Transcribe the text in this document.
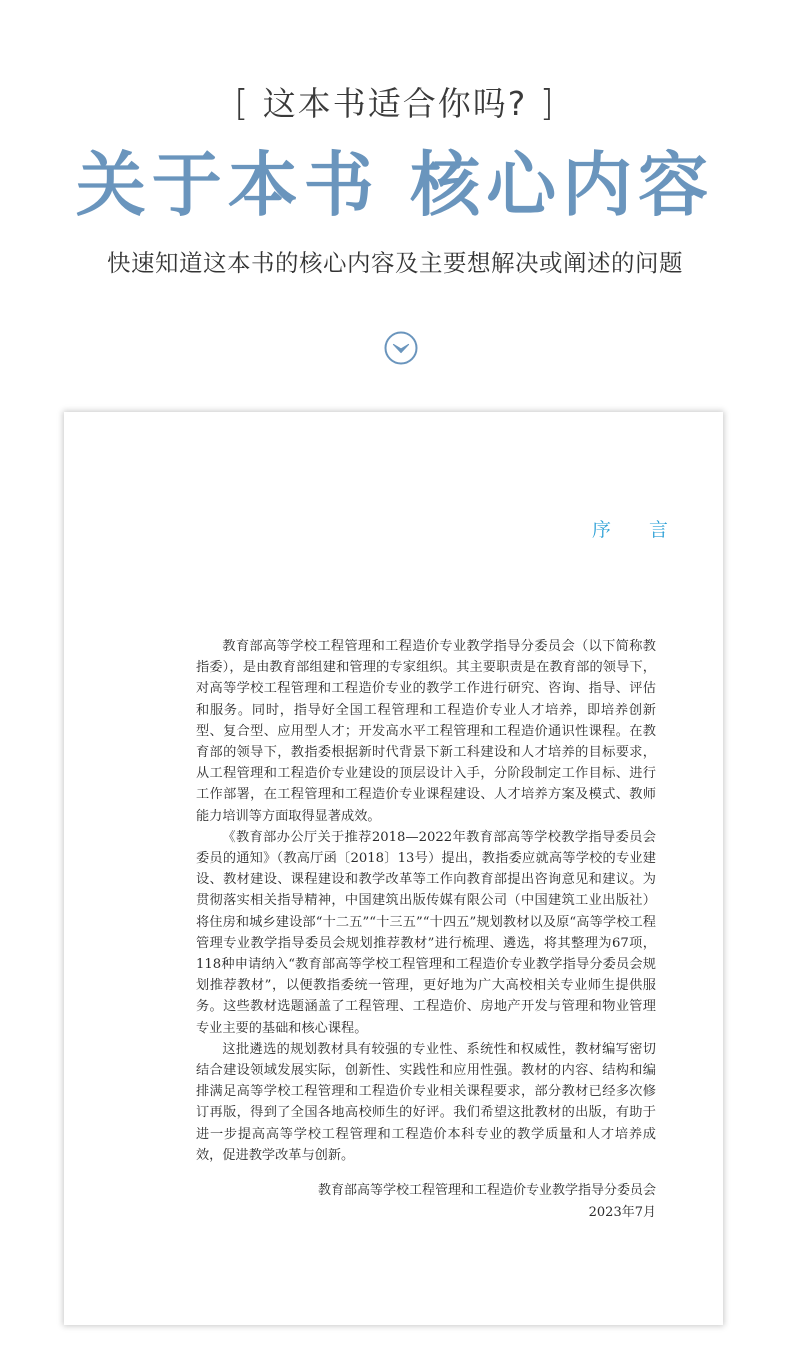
[ 这本书适合你吗? ]
关于本书 核心内容
快速知道这本书的核心内容及主要想解决或阐述的问题
序 言

教育部高等学校工程管理和工程造价专业教学指导分委员会（以下简称教指委），是由教育部组建和管理的专家组织。其主要职责是在教育部的领导下，对高等学校工程管理和工程造价专业的教学工作进行研究、咨询、指导、评估和服务。同时，指导好全国工程管理和工程造价专业人才培养，即培养创新型、复合型、应用型人才；开发高水平工程管理和工程造价通识性课程。在教育部的领导下，教指委根据新时代背景下新工科建设和人才培养的目标要求，从工程管理和工程造价专业建设的顶层设计入手，分阶段制定工作目标、进行工作部署，在工程管理和工程造价专业课程建设、人才培养方案及模式、教师能力培训等方面取得显著成效。

《教育部办公厅关于推荐2018—2022年教育部高等学校教学指导委员会委员的通知》（教高厅函〔2018〕13号）提出，教指委应就高等学校的专业建设、教材建设、课程建设和教学改革等工作向教育部提出咨询意见和建议。为贯彻落实相关指导精神，中国建筑出版传媒有限公司（中国建筑工业出版社）将住房和城乡建设部“十二五”“十三五”“十四五”规划教材以及原“高等学校工程管理专业教学指导委员会规划推荐教材”进行梳理、遴选，将其整理为67项，118种申请纳入“教育部高等学校工程管理和工程造价专业教学指导分委员会规划推荐教材”，以便教指委统一管理，更好地为广大高校相关专业师生提供服务。这些教材选题涵盖了工程管理、工程造价、房地产开发与管理和物业管理专业主要的基础和核心课程。

这批遴选的规划教材具有较强的专业性、系统性和权威性，教材编写密切结合建设领域发展实际，创新性、实践性和应用性强。教材的内容、结构和编排满足高等学校工程管理和工程造价专业相关课程要求，部分教材已经多次修订再版，得到了全国各地高校师生的好评。我们希望这批教材的出版，有助于进一步提高高等学校工程管理和工程造价本科专业的教学质量和人才培养成效，促进教学改革与创新。

教育部高等学校工程管理和工程造价专业教学指导分委员会
2023年7月
